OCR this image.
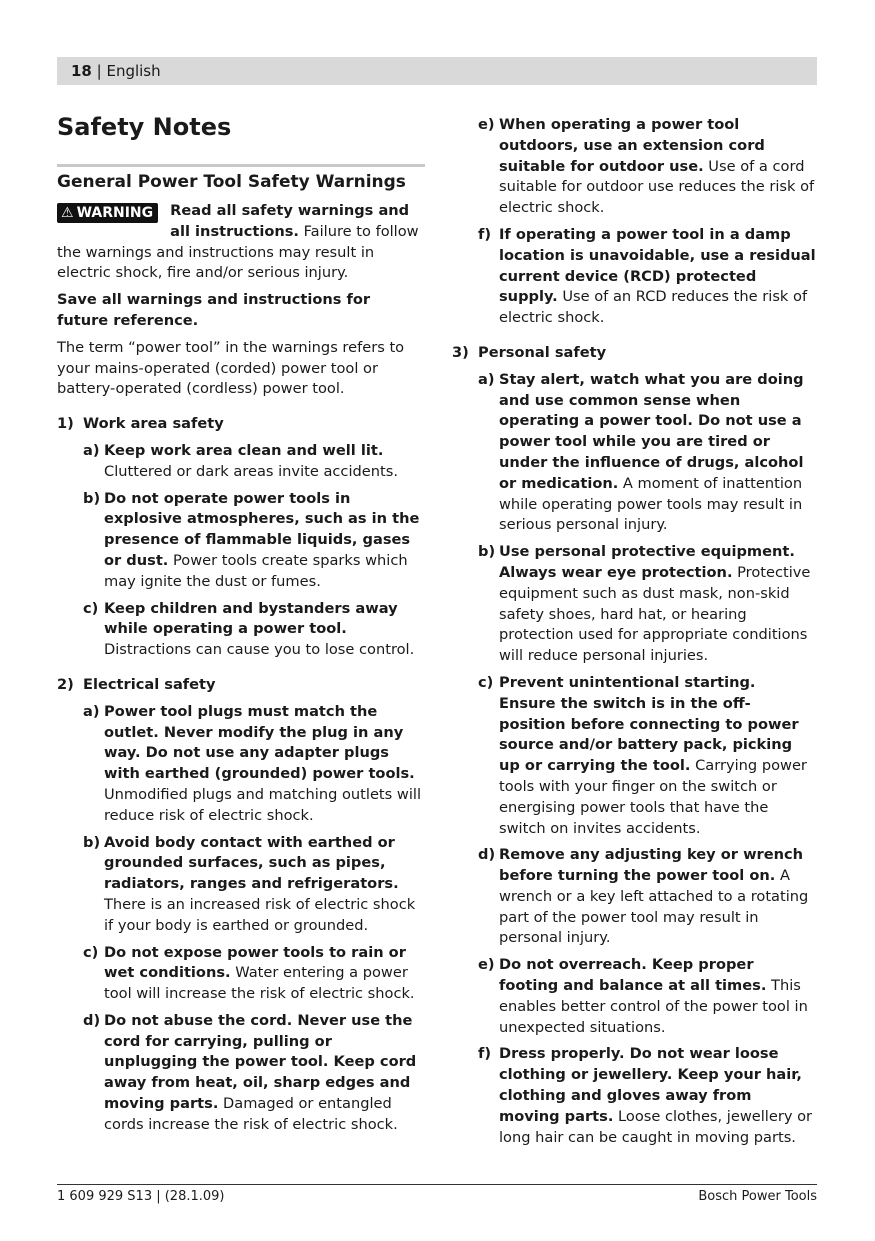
18 | English
Safety Notes
General Power Tool Safety Warnings
⚠ WARNING	Read all safety warnings and all instructions. Failure to follow the warnings and instructions may result in electric shock, fire and/or serious injury.

Save all warnings and instructions for future reference.

The term “power tool” in the warnings refers to your mains-operated (corded) power tool or battery-operated (cordless) power tool.

1) Work area safety
a) Keep work area clean and well lit. Cluttered or dark areas invite accidents.
b) Do not operate power tools in explosive atmospheres, such as in the presence of flammable liquids, gases or dust. Power tools create sparks which may ignite the dust or fumes.
c) Keep children and bystanders away while operating a power tool. Distractions can cause you to lose control.
2) Electrical safety
a) Power tool plugs must match the outlet. Never modify the plug in any way. Do not use any adapter plugs with earthed (grounded) power tools. Unmodified plugs and matching outlets will reduce risk of electric shock.
b) Avoid body contact with earthed or grounded surfaces, such as pipes, radiators, ranges and refrigerators. There is an increased risk of electric shock if your body is earthed or grounded.
c) Do not expose power tools to rain or wet conditions. Water entering a power tool will increase the risk of electric shock.
d) Do not abuse the cord. Never use the cord for carrying, pulling or unplugging the power tool. Keep cord away from heat, oil, sharp edges and moving parts. Damaged or entangled cords increase the risk of electric shock.
e) When operating a power tool outdoors, use an extension cord suitable for outdoor use. Use of a cord suitable for outdoor use reduces the risk of electric shock.
f) If operating a power tool in a damp location is unavoidable, use a residual current device (RCD) protected supply. Use of an RCD reduces the risk of electric shock.
3) Personal safety
a) Stay alert, watch what you are doing and use common sense when operating a power tool. Do not use a power tool while you are tired or under the influence of drugs, alcohol or medication. A moment of inattention while operating power tools may result in serious personal injury.
b) Use personal protective equipment. Always wear eye protection. Protective equipment such as dust mask, non-skid safety shoes, hard hat, or hearing protection used for appropriate conditions will reduce personal injuries.
c) Prevent unintentional starting. Ensure the switch is in the off-position before connecting to power source and/or battery pack, picking up or carrying the tool. Carrying power tools with your finger on the switch or energising power tools that have the switch on invites accidents.
d) Remove any adjusting key or wrench before turning the power tool on. A wrench or a key left attached to a rotating part of the power tool may result in personal injury.
e) Do not overreach. Keep proper footing and balance at all times. This enables better control of the power tool in unexpected situations.
f) Dress properly. Do not wear loose clothing or jewellery. Keep your hair, clothing and gloves away from moving parts. Loose clothes, jewellery or long hair can be caught in moving parts.
1 609 929 S13 | (28.1.09)	Bosch Power Tools
